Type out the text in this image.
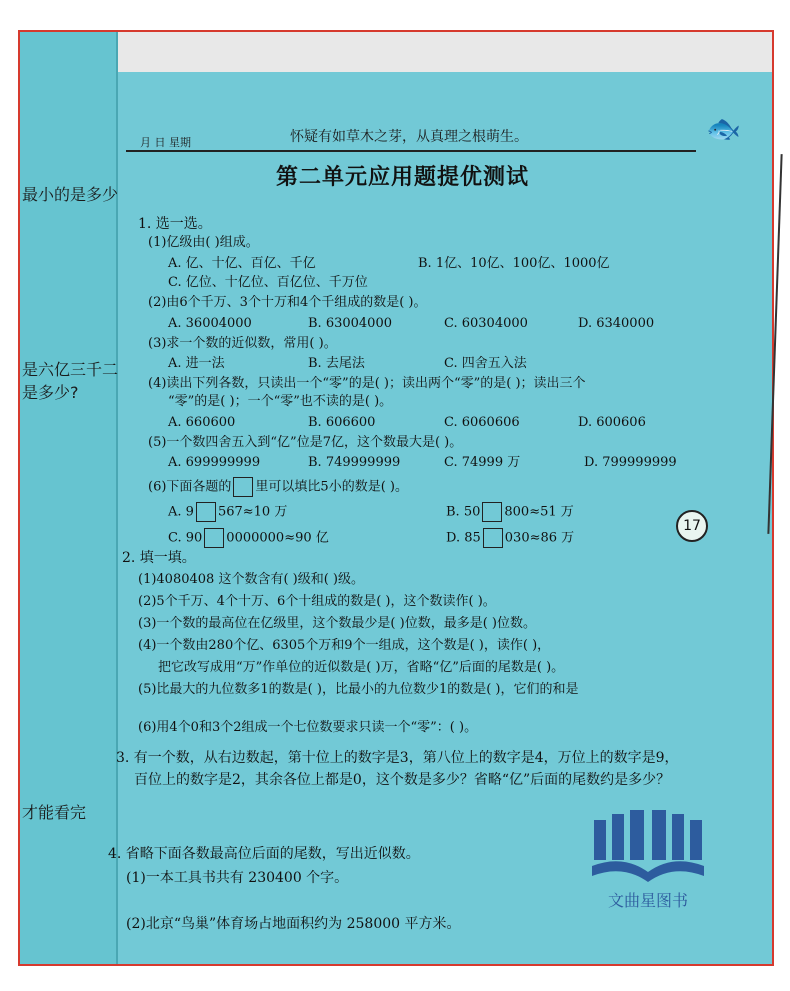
最小的是多少
是六亿三千二
是多少?
才能看完
月 日 星期	怀疑有如草木之芽，从真理之根萌生。	🐟
第二单元应用题提优测试
1. 选一选。
(1)亿级由( )组成。
A. 亿、十亿、百亿、千亿	B. 1亿、10亿、100亿、1000亿
C. 亿位、十亿位、百亿位、千万位
(2)由6个千万、3个十万和4个千组成的数是( )。
A. 36004000	B. 63004000	C. 60304000	D. 6340000
(3)求一个数的近似数，常用( )。
A. 进一法	B. 去尾法	C. 四舍五入法
(4)读出下列各数，只读出一个“零”的是( )；读出两个“零”的是( )；读出三个
“零”的是( )；一个“零”也不读的是( )。
A. 660600	B. 606600	C. 6060606	D. 600606
(5)一个数四舍五入到“亿”位是7亿，这个数最大是( )。
A. 699999999	B. 749999999	C. 74999 万	D. 799999999
(6)下面各题的 里可以填比5小的数是( )。
A. 9 567≈10 万	B. 50 800≈51 万
C. 90 0000000≈90 亿	D. 85 030≈86 万
17
2. 填一填。
(1)4080408 这个数含有( )级和( )级。
(2)5个千万、4个十万、6个十组成的数是( )，这个数读作( )。
(3)一个数的最高位在亿级里，这个数最少是( )位数，最多是( )位数。
(4)一个数由280个亿、6305个万和9个一组成，这个数是( )，读作( )，
把它改写成用“万”作单位的近似数是( )万，省略“亿”后面的尾数是( )。
(5)比最大的九位数多1的数是( )，比最小的九位数少1的数是( )，它们的和是
(6)用4个0和3个2组成一个七位数要求只读一个“零”：( )。
3. 有一个数，从右边数起，第十位上的数字是3，第八位上的数字是4，万位上的数字是9，
百位上的数字是2，其余各位上都是0，这个数是多少？省略“亿”后面的尾数约是多少？
4. 省略下面各数最高位后面的尾数，写出近似数。
(1)一本工具书共有 230400 个字。
(2)北京“鸟巢”体育场占地面积约为 258000 平方米。
文曲星图书
